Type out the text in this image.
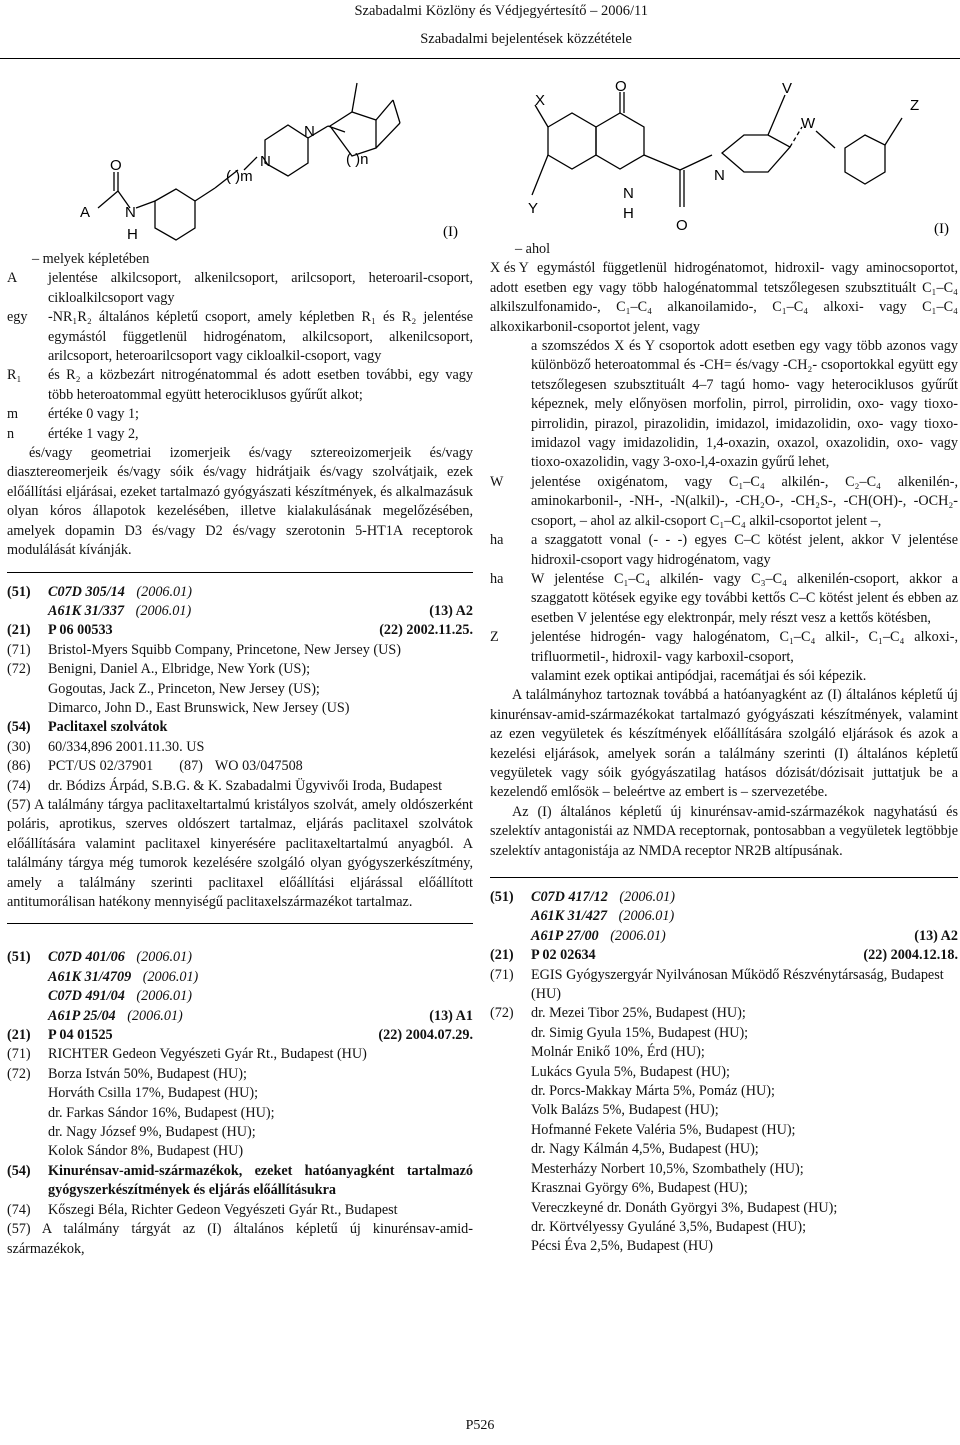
Szabadalmi Közlöny és Védjegyértesítő – 2006/11
Szabadalmi bejelentések közzététele
A N
H
O	N
N
( )m
( )n
(I)
X
O	V
W
Z
Y
N
H
O
N
(I)
– melyek képletében
A	jelentése alkilcsoport, alkenilcsoport, arilcsoport, heteroaril-csoport, cikloalkilcsoport vagy
egy	-NR₁R₂ általános képletű csoport, amely képletben R₁ és R₂ jelentése egymástól függetlenül hidrogénatom, alkilcsoport, alkenilcsoport, arilcsoport, heteroarilcsoport vagy cikloalkil-csoport, vagy
R₁	és R₂ a közbezárt nitrogénatommal és adott esetben további, egy vagy több heteroatommal együtt heterociklusos gyűrűt alkot;
m	értéke 0 vagy 1;
n	értéke 1 vagy 2,
és/vagy geometriai izomerjeik és/vagy sztereoizomerjeik és/vagy diasztereomerjeik és/vagy sóik és/vagy hidrátjaik és/vagy szolvátjaik, ezek előállítási eljárásai, ezeket tartalmazó gyógyászati készítmények, és alkalmazásuk olyan kóros állapotok kezelésében, illetve kialakulásának megelőzésében, amelyek dopamin D3 és/vagy D2 és/vagy szerotonin 5-HT1A receptorok modulálását kívánják.
(51)	C07D 305/14 (2006.01)
A61K 31/337 (2006.01)	(13) A2
(21)	P 06 00533	(22) 2002.11.25.
(71)	Bristol-Myers Squibb Company, Princetone, New Jersey (US)
(72)	Benigni, Daniel A., Elbridge, New York (US);
Gogoutas, Jack Z., Princeton, New Jersey (US);
Dimarco, John D., East Brunswick, New Jersey (US)
(54)	Paclitaxel szolvátok
(30)	60/334,896 2001.11.30. US
(86)	PCT/US 02/37901 (87) WO 03/047508
(74)	dr. Bódizs Árpád, S.B.G. & K. Szabadalmi Ügyvivői Iroda, Budapest
(57) A találmány tárgya paclitaxeltartalmú kristályos szolvát, amely oldószerként poláris, aprotikus, szerves oldószert tartalmaz, eljárás paclitaxel szolvátok előállítására valamint paclitaxel kinyerésére paclitaxeltartalmú anyagból. A találmány tárgya még tumorok kezelésére szolgáló olyan gyógyszerkészítmény, amely a találmány szerinti paclitaxel előállítási eljárással előállított antitumorálisan hatékony mennyiségű paclitaxelszármazékot tartalmaz.
(51)	C07D 401/06 (2006.01)
A61K 31/4709 (2006.01)
C07D 491/04 (2006.01)
A61P 25/04 (2006.01)	(13) A1
(21)	P 04 01525	(22) 2004.07.29.
(71)	RICHTER Gedeon Vegyészeti Gyár Rt., Budapest (HU)
(72)	Borza István 50%, Budapest (HU);
Horváth Csilla 17%, Budapest (HU);
dr. Farkas Sándor 16%, Budapest (HU);
dr. Nagy József 9%, Budapest (HU);
Kolok Sándor 8%, Budapest (HU)
(54)	Kinurénsav-amid-származékok, ezeket hatóanyagként tartalmazó gyógyszerkészítmények és eljárás előállításukra
(74)	Kőszegi Béla, Richter Gedeon Vegyészeti Gyár Rt., Budapest
(57) A találmány tárgyát az (I) általános képletű új kinurénsav-amid-származékok,
– ahol
X és Y egymástól függetlenül hidrogénatomot, hidroxil- vagy aminocsoportot, adott esetben egy vagy több halogénatommal tetszőlegesen szubsztituált C₁–C₄ alkilszulfonamido-, C₁–C₄ alkanoilamido-, C₁–C₄ alkoxi- vagy C₁–C₄ alkoxikarbonil-csoportot jelent, vagy
a szomszédos X és Y csoportok adott esetben egy vagy több azonos vagy különböző heteroatommal és -CH= és/vagy -CH₂- csoportokkal együtt egy tetszőlegesen szubsztituált 4–7 tagú homo- vagy heterociklusos gyűrűt képeznek, mely előnyösen morfolin, pirrol, pirrolidin, oxo- vagy tioxo-pirrolidin, pirazol, pirazolidin, imidazol, imidazolidin, oxo- vagy tioxo-imidazol vagy imidazolidin, 1,4-oxazin, oxazol, oxazolidin, oxo- vagy tioxo-oxazolidin, vagy 3-oxo-l,4-oxazin gyűrű lehet,
W	jelentése oxigénatom, vagy C₁–C₄ alkilén-, C₂–C₄ alkenilén-, aminokarbonil-, -NH-, -N(alkil)-, -CH₂O-, -CH₂S-, -CH(OH)-, -OCH₂- csoport, – ahol az alkil-csoport C₁–C₄ alkil-csoportot jelent –,
ha	a szaggatott vonal (- - -) egyes C–C kötést jelent, akkor V jelentése hidroxil-csoport vagy hidrogénatom, vagy
ha	W jelentése C₁–C₄ alkilén- vagy C₃–C₄ alkenilén-csoport, akkor a szaggatott kötések egyike egy további kettős C–C kötést jelent és ebben az esetben V jelentése egy elektronpár, mely részt vesz a kettős kötésben,
Z	jelentése hidrogén- vagy halogénatom, C₁–C₄ alkil-, C₁–C₄ alkoxi-, trifluormetil-, hidroxil- vagy karboxil-csoport,
valamint ezek optikai antipódjai, racemátjai és sói képezik.
A találmányhoz tartoznak továbbá a hatóanyagként az (I) általános képletű új kinurénsav-amid-származékokat tartalmazó gyógyászati készítmények, valamint az ezen vegyületek és készítmények előállítására szolgáló eljárások és azok a kezelési eljárások, amelyek során a találmány szerinti (I) általános képletű vegyületek vagy sóik gyógyászatilag hatásos dózisát/dózisait juttatjuk be a kezelendő emlősök – beleértve az embert is – szervezetébe.
Az (I) általános képletű új kinurénsav-amid-származékok nagyhatású és szelektív antagonistái az NMDA receptornak, pontosabban a vegyületek legtöbbje szelektív antagonistája az NMDA receptor NR2B altípusának.
(51)	C07D 417/12 (2006.01)
A61K 31/427 (2006.01)
A61P 27/00 (2006.01)	(13) A2
(21)	P 02 02634	(22) 2004.12.18.
(71)	EGIS Gyógyszergyár Nyilvánosan Működő Részvénytársaság, Budapest (HU)
(72)	dr. Mezei Tibor 25%, Budapest (HU);
dr. Simig Gyula 15%, Budapest (HU);
Molnár Enikő 10%, Érd (HU);
Lukács Gyula 5%, Budapest (HU);
dr. Porcs-Makkay Márta 5%, Pomáz (HU);
Volk Balázs 5%, Budapest (HU);
Hofmanné Fekete Valéria 5%, Budapest (HU);
dr. Nagy Kálmán 4,5%, Budapest (HU);
Mesterházy Norbert 10,5%, Szombathely (HU);
Krasznai György 6%, Budapest (HU);
Vereczkeyné dr. Donáth Györgyi 3%, Budapest (HU);
dr. Körtvélyessy Gyuláné 3,5%, Budapest (HU);
Pécsi Éva 2,5%, Budapest (HU)
P526
